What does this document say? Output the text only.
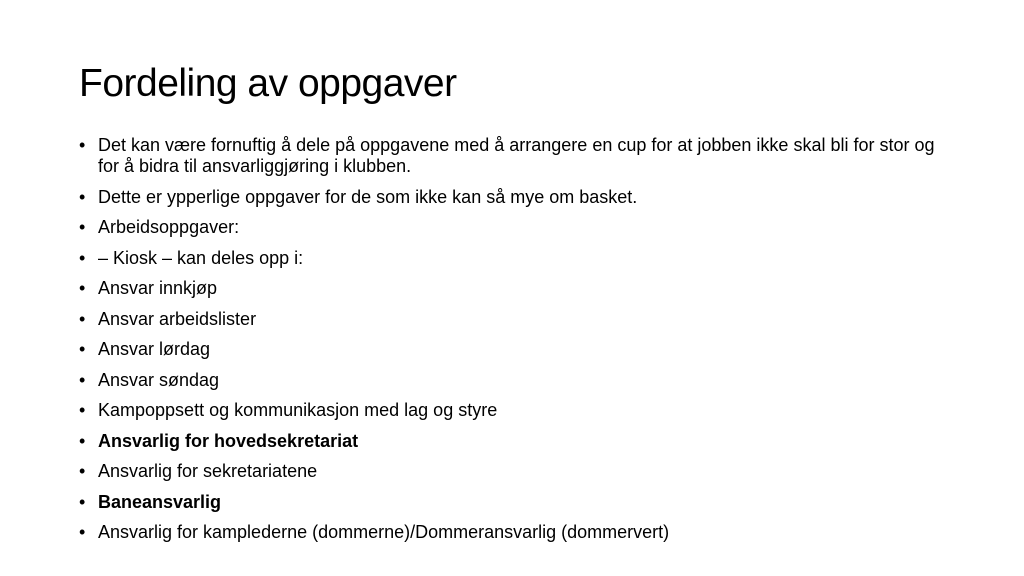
Fordeling av oppgaver
• Det kan være fornuftig å dele på oppgavene med å arrangere en cup for at jobben ikke skal bli for stor og for å bidra til ansvarliggjøring i klubben.
• Dette er ypperlige oppgaver for de som ikke kan så mye om basket.
• Arbeidsoppgaver:
• – Kiosk – kan deles opp i:
• Ansvar innkjøp
• Ansvar arbeidslister
• Ansvar lørdag
• Ansvar søndag
• Kampoppsett og kommunikasjon med lag og styre
• Ansvarlig for hovedsekretariat
• Ansvarlig for sekretariatene
• Baneansvarlig
• Ansvarlig for kamplederne (dommerne)/Dommeransvarlig (dommervert)
